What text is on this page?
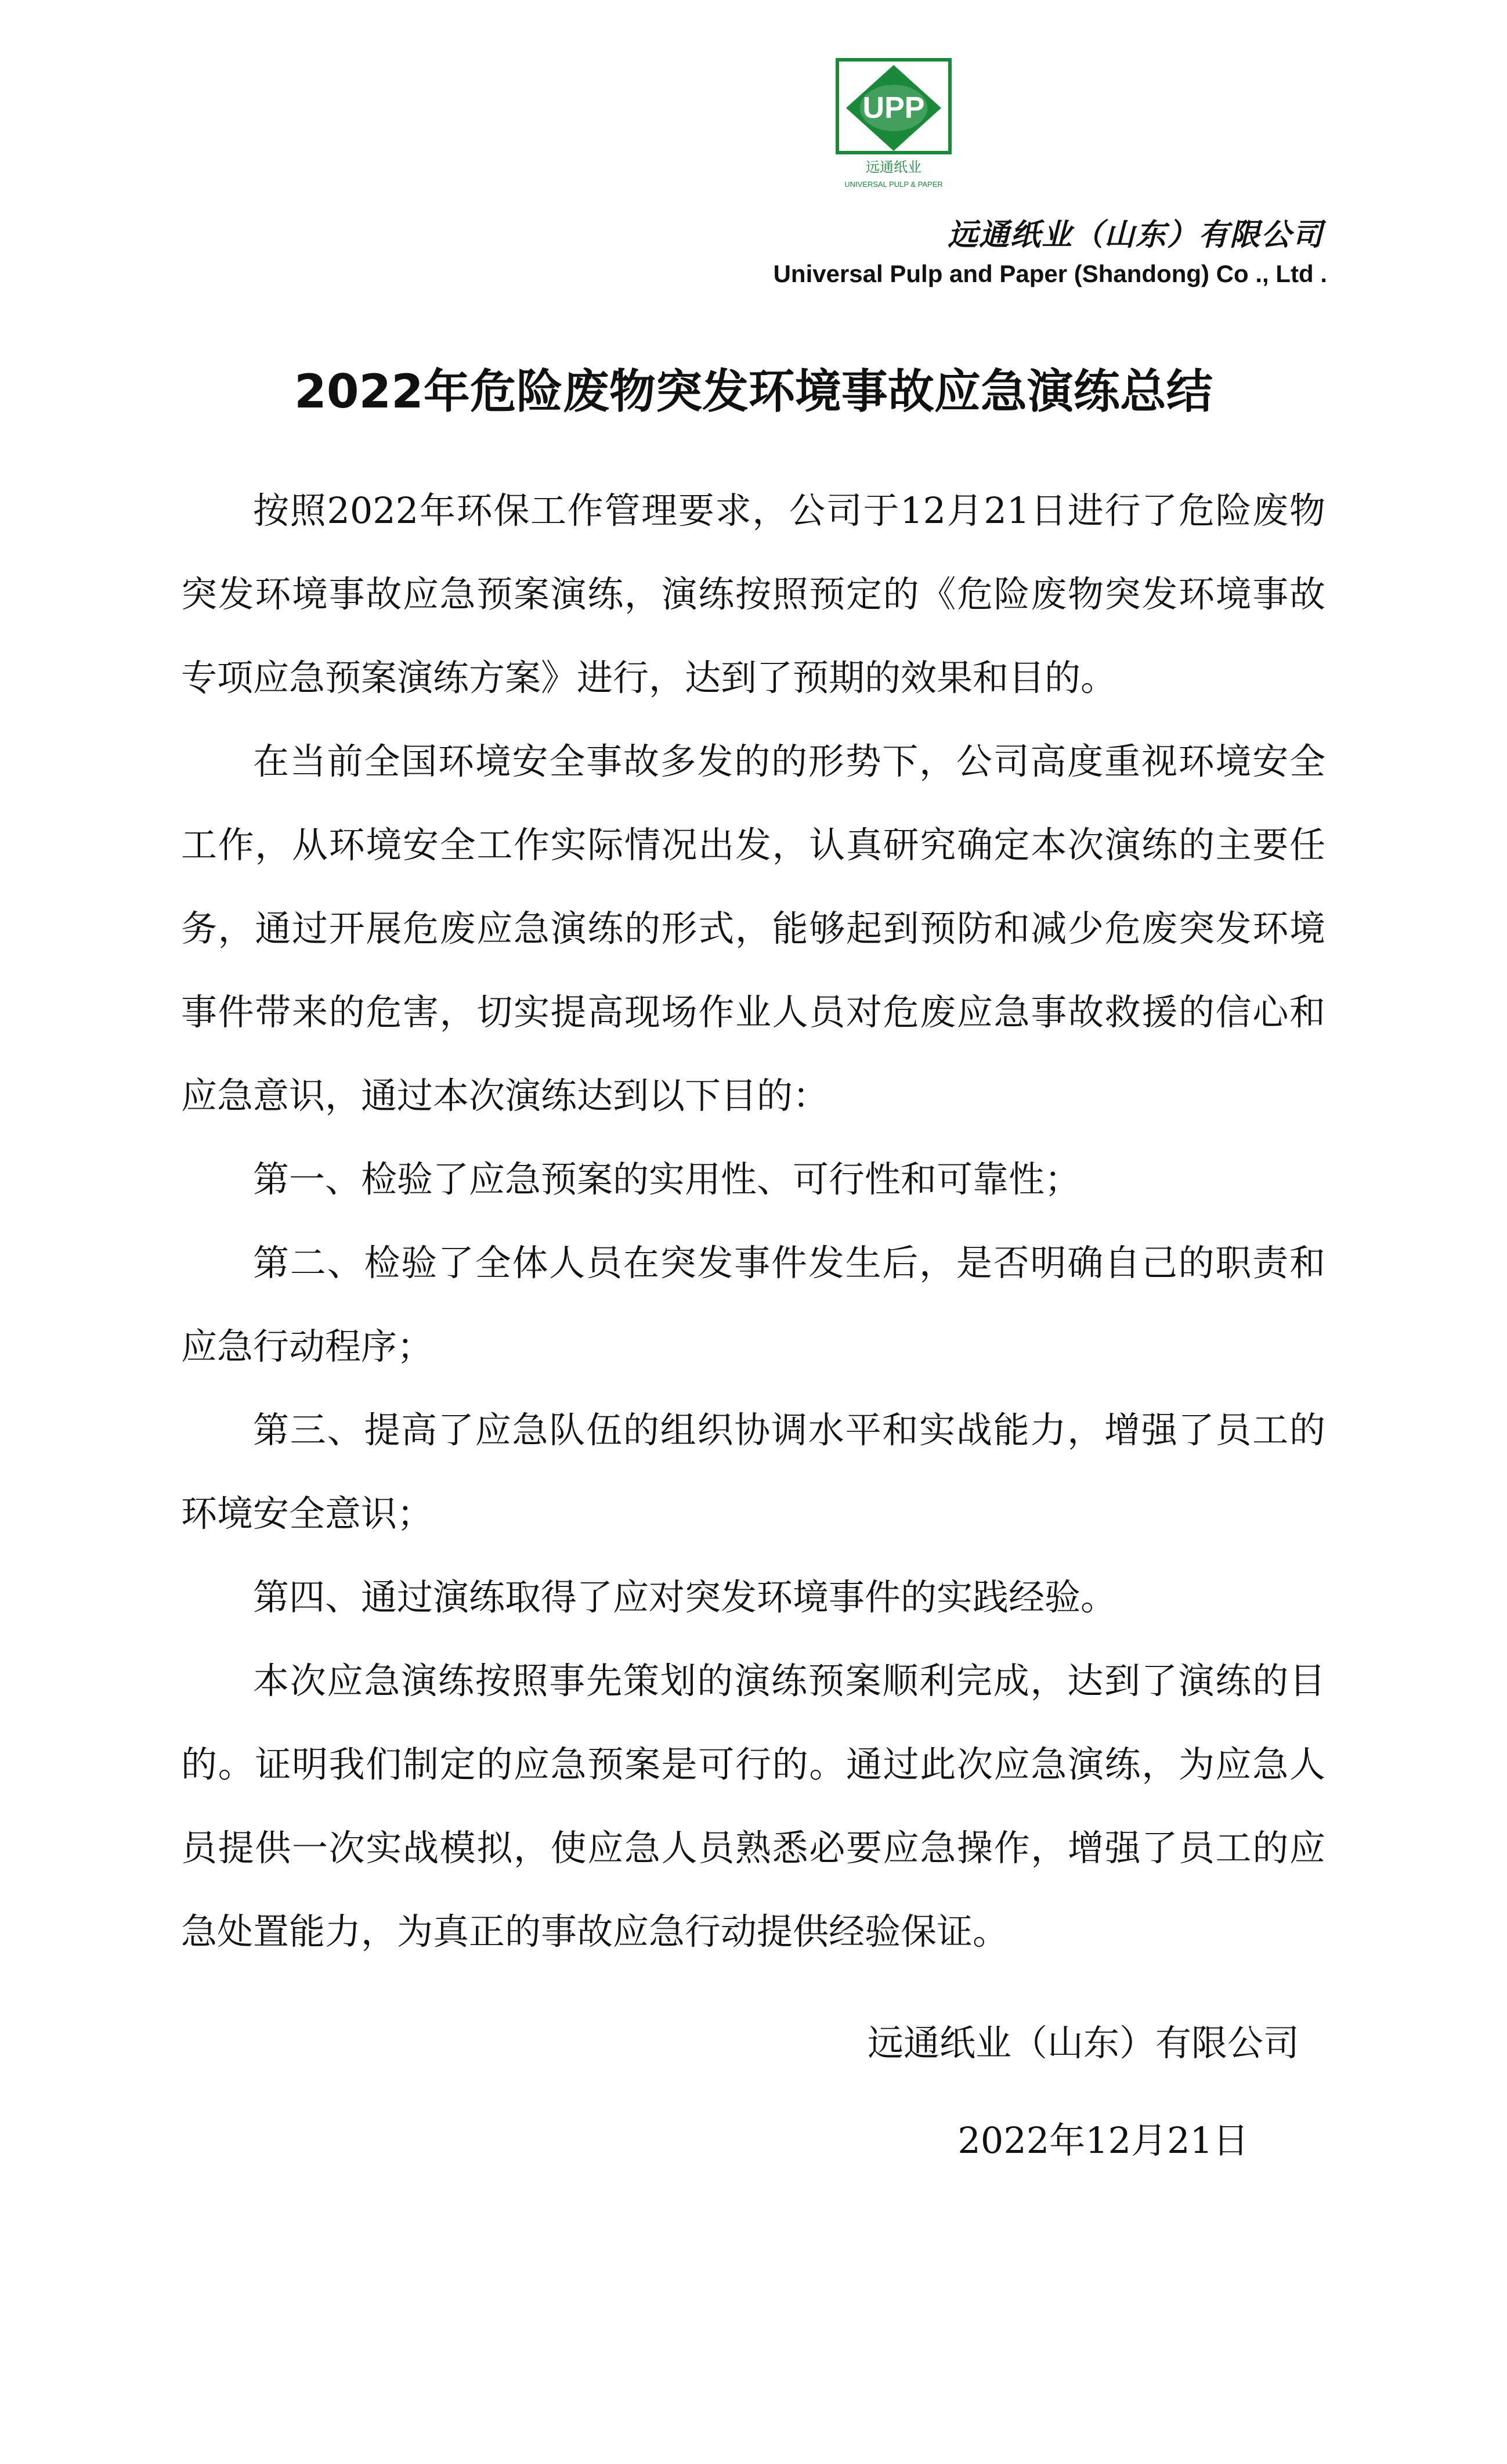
UPP
远通纸业
UNIVERSAL PULP & PAPER
远通纸业（山东）有限公司
Universal Pulp and Paper (Shandong) Co ., Ltd .
2022年危险废物突发环境事故应急演练总结

按照2022年环保工作管理要求，公司于12月21日进行了危险废物突发环境事故应急预案演练，演练按照预定的《危险废物突发环境事故专项应急预案演练方案》进行，达到了预期的效果和目的。

在当前全国环境安全事故多发的的形势下，公司高度重视环境安全工作，从环境安全工作实际情况出发，认真研究确定本次演练的主要任务，通过开展危废应急演练的形式，能够起到预防和减少危废突发环境事件带来的危害，切实提高现场作业人员对危废应急事故救援的信心和应急意识，通过本次演练达到以下目的：

第一、检验了应急预案的实用性、可行性和可靠性；

第二、检验了全体人员在突发事件发生后，是否明确自己的职责和应急行动程序；

第三、提高了应急队伍的组织协调水平和实战能力，增强了员工的环境安全意识；

第四、通过演练取得了应对突发环境事件的实践经验。

本次应急演练按照事先策划的演练预案顺利完成，达到了演练的目的。证明我们制定的应急预案是可行的。通过此次应急演练，为应急人员提供一次实战模拟，使应急人员熟悉必要应急操作，增强了员工的应急处置能力，为真正的事故应急行动提供经验保证。

远通纸业（山东）有限公司
2022年12月21日
